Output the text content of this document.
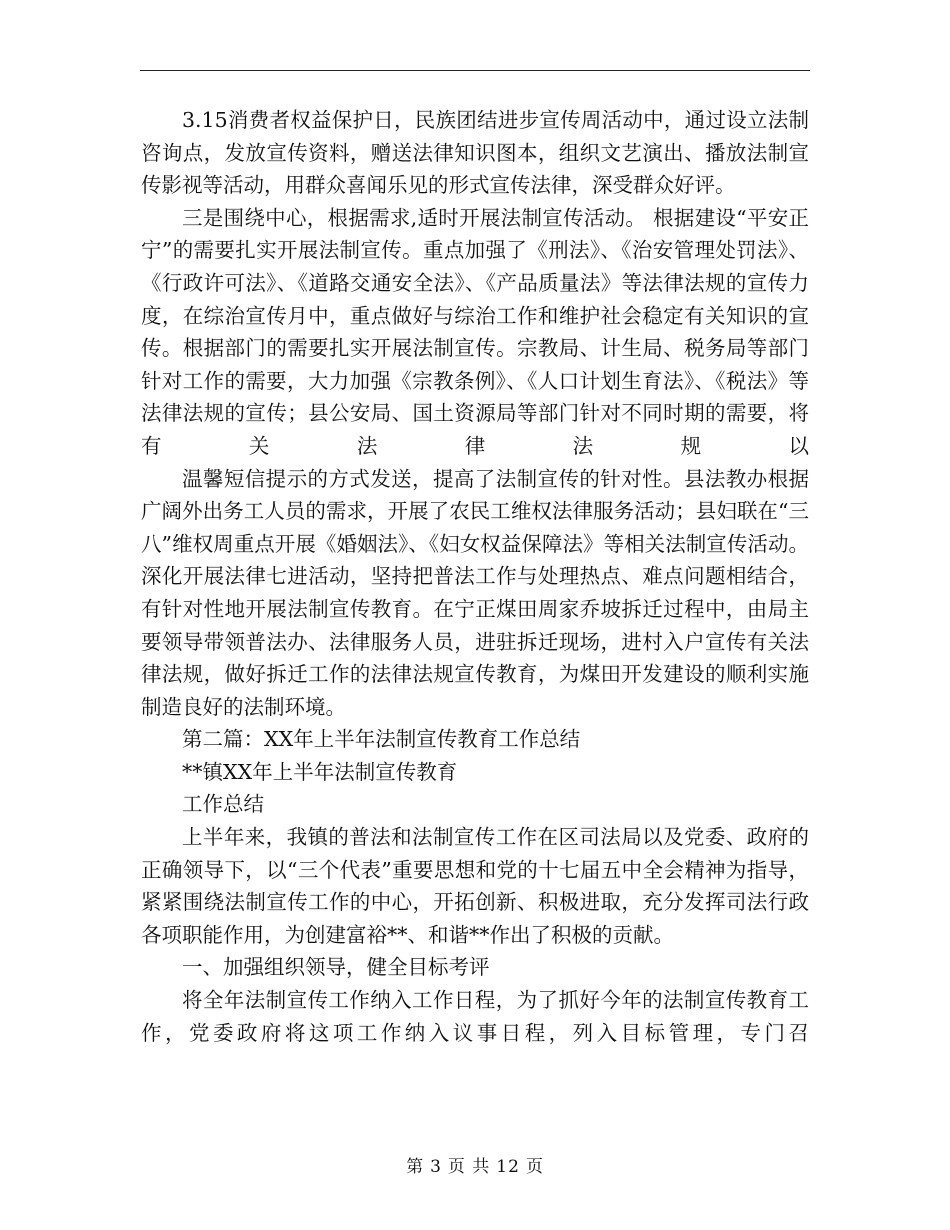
3.15消费者权益保护日，民族团结进步宣传周活动中，通过设立法制咨询点，发放宣传资料，赠送法律知识图本，组织文艺演出、播放法制宣传影视等活动，用群众喜闻乐见的形式宣传法律，深受群众好评。

三是围绕中心，根据需求,适时开展法制宣传活动。 根据建设“平安正宁”的需要扎实开展法制宣传。重点加强了《刑法》、《治安管理处罚法》、《行政许可法》、《道路交通安全法》、《产品质量法》等法律法规的宣传力度，在综治宣传月中，重点做好与综治工作和维护社会稳定有关知识的宣传。根据部门的需要扎实开展法制宣传。宗教局、计生局、税务局等部门针对工作的需要，大力加强《宗教条例》、《人口计划生育法》、《税法》等法律法规的宣传；县公安局、国土资源局等部门针对不同时期的需要，将有关法律法规以

温馨短信提示的方式发送，提高了法制宣传的针对性。县法教办根据广阔外出务工人员的需求，开展了农民工维权法律服务活动；县妇联在“三八”维权周重点开展《婚姻法》、《妇女权益保障法》等相关法制宣传活动。深化开展法律七进活动，坚持把普法工作与处理热点、难点问题相结合，有针对性地开展法制宣传教育。在宁正煤田周家乔坡拆迁过程中，由局主要领导带领普法办、法律服务人员，进驻拆迁现场，进村入户宣传有关法律法规，做好拆迁工作的法律法规宣传教育，为煤田开发建设的顺利实施制造良好的法制环境。

第二篇：XX年上半年法制宣传教育工作总结

**镇XX年上半年法制宣传教育

工作总结

上半年来，我镇的普法和法制宣传工作在区司法局以及党委、政府的正确领导下，以“三个代表”重要思想和党的十七届五中全会精神为指导，紧紧围绕法制宣传工作的中心，开拓创新、积极进取，充分发挥司法行政各项职能作用，为创建富裕**、和谐**作出了积极的贡献。

一、加强组织领导，健全目标考评

将全年法制宣传工作纳入工作日程，为了抓好今年的法制宣传教育工作，党委政府将这项工作纳入议事日程，列入目标管理，专门召

第 3 页 共 12 页
